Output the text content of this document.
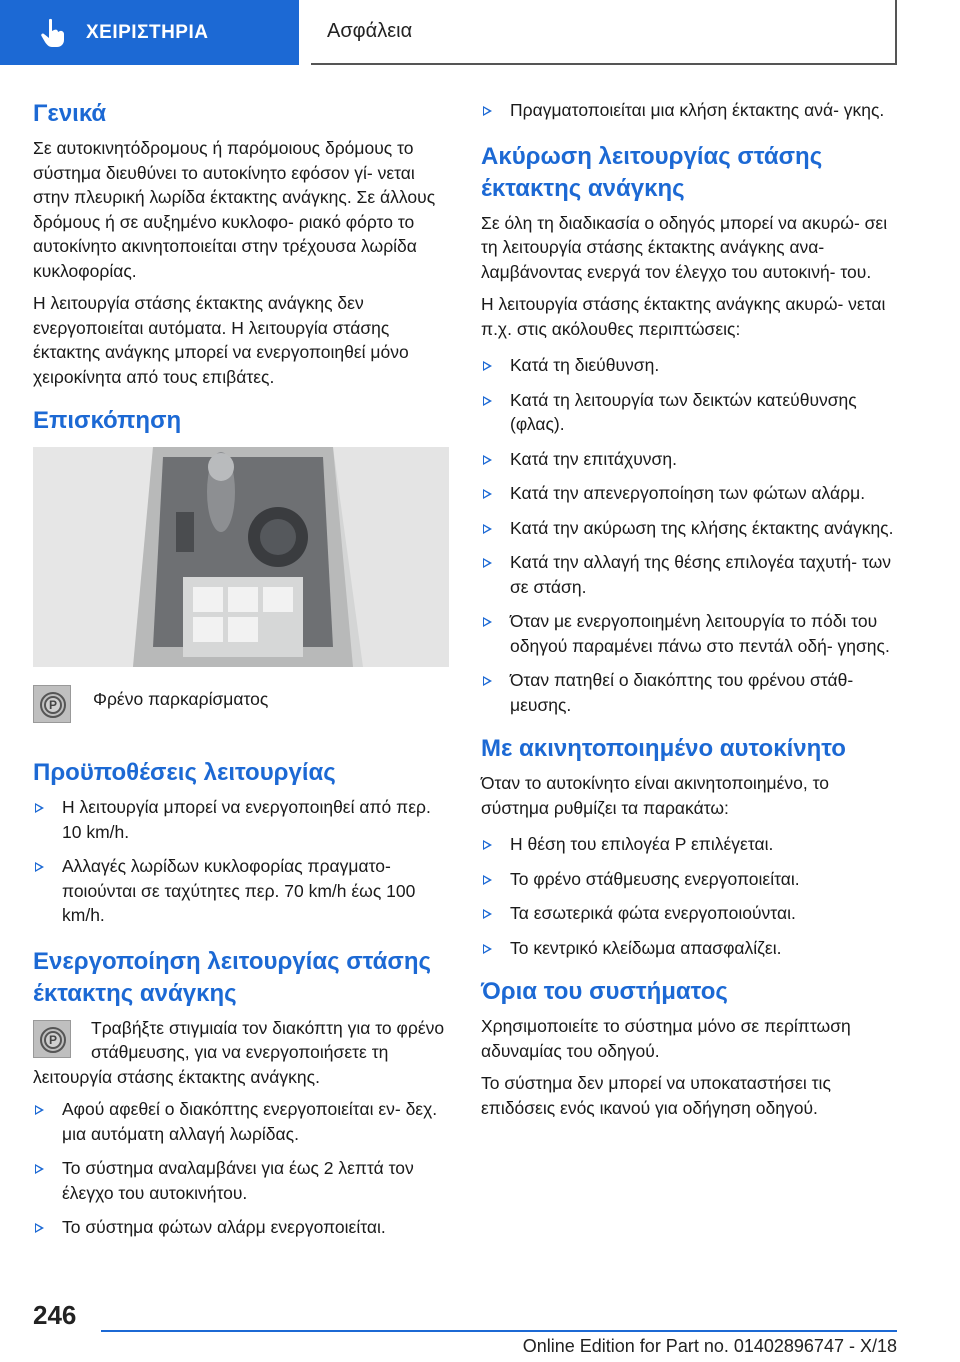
ΧΕΙΡΙΣΤΗΡΙΑ	Ασφάλεια
Γενικά

Σε αυτοκινητόδρομους ή παρόμοιους δρόμους το σύστημα διευθύνει το αυτοκίνητο εφόσον γί- νεται στην πλευρική λωρίδα έκτακτης ανάγκης. Σε άλλους δρόμους ή σε αυξημένο κυκλοφο- ριακό φόρτο το αυτοκίνητο ακινητοποιείται στην τρέχουσα λωρίδα κυκλοφορίας.

Η λειτουργία στάσης έκτακτης ανάγκης δεν ενεργοποιείται αυτόματα. Η λειτουργία στάσης έκτακτης ανάγκης μπορεί να ενεργοποιηθεί μόνο χειροκίνητα από τους επιβάτες.

Επισκόπηση
P	Φρένο παρκαρίσματος
Προϋποθέσεις λειτουργίας
Η λειτουργία μπορεί να ενεργοποιηθεί από περ. 10 km/h.
Αλλαγές λωρίδων κυκλοφορίας πραγματο- ποιούνται σε ταχύτητες περ. 70 km/h έως 100 km/h.
Ενεργοποίηση λειτουργίας στάσης έκτακτης ανάγκης
P

Τραβήξτε στιγμιαία τον διακόπτη για το φρένο στάθμευσης, για να ενεργοποιήσετε τη λειτουργία στάσης έκτακτης ανάγκης.

Αφού αφεθεί ο διακόπτης ενεργοποιείται εν- δεχ. μια αυτόματη αλλαγή λωρίδας.
Το σύστημα αναλαμβάνει για έως 2 λεπτά τον έλεγχο του αυτοκινήτου.
Το σύστημα φώτων αλάρμ ενεργοποιείται.
Πραγματοποιείται μια κλήση έκτακτης ανά- γκης.
Ακύρωση λειτουργίας στάσης έκτακτης ανάγκης

Σε όλη τη διαδικασία ο οδηγός μπορεί να ακυρώ- σει τη λειτουργία στάσης έκτακτης ανάγκης ανα- λαμβάνοντας ενεργά τον έλεγχο του αυτοκινή- του.

Η λειτουργία στάσης έκτακτης ανάγκης ακυρώ- νεται π.χ. στις ακόλουθες περιπτώσεις:

Κατά τη διεύθυνση.
Κατά τη λειτουργία των δεικτών κατεύθυνσης (φλας).
Κατά την επιτάχυνση.
Κατά την απενεργοποίηση των φώτων αλάρμ.
Κατά την ακύρωση της κλήσης έκτακτης ανάγκης.
Κατά την αλλαγή της θέσης επιλογέα ταχυτή- των σε στάση.
Όταν με ενεργοποιημένη λειτουργία το πόδι του οδηγού παραμένει πάνω στο πεντάλ οδή- γησης.
Όταν πατηθεί ο διακόπτης του φρένου στάθ- μευσης.
Με ακινητοποιημένο αυτοκίνητο

Όταν το αυτοκίνητο είναι ακινητοποιημένο, το σύστημα ρυθμίζει τα παρακάτω:

Η θέση του επιλογέα P επιλέγεται.
Το φρένο στάθμευσης ενεργοποιείται.
Τα εσωτερικά φώτα ενεργοποιούνται.
Το κεντρικό κλείδωμα απασφαλίζει.
Όρια του συστήματος

Χρησιμοποιείτε το σύστημα μόνο σε περίπτωση αδυναμίας του οδηγού.

Το σύστημα δεν μπορεί να υποκαταστήσει τις επιδόσεις ενός ικανού για οδήγηση οδηγού.

246
Online Edition for Part no. 01402896747 - X/18
